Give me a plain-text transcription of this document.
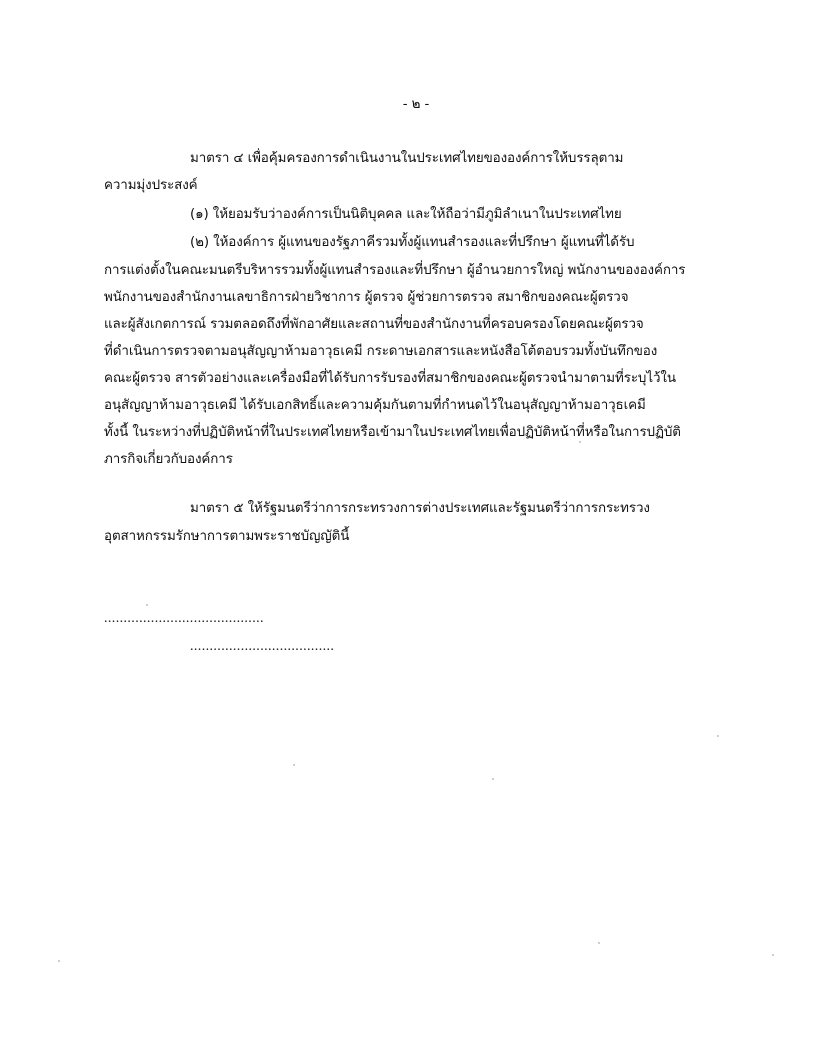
- ๒ -
มาตรา ๔ เพื่อคุ้มครองการดำเนินงานในประเทศไทยขององค์การให้บรรลุตาม
ความมุ่งประสงค์
(๑) ให้ยอมรับว่าองค์การเป็นนิติบุคคล และให้ถือว่ามีภูมิลำเนาในประเทศไทย
(๒) ให้องค์การ ผู้แทนของรัฐภาคีรวมทั้งผู้แทนสำรองและที่ปรึกษา ผู้แทนที่ได้รับ
การแต่งตั้งในคณะมนตรีบริหารรวมทั้งผู้แทนสำรองและที่ปรึกษา ผู้อำนวยการใหญ่ พนักงานขององค์การ
พนักงานของสำนักงานเลขาธิการฝ่ายวิชาการ ผู้ตรวจ ผู้ช่วยการตรวจ สมาชิกของคณะผู้ตรวจ
และผู้สังเกตการณ์ รวมตลอดถึงที่พักอาศัยและสถานที่ของสำนักงานที่ครอบครองโดยคณะผู้ตรวจ
ที่ดำเนินการตรวจตามอนุสัญญาห้ามอาวุธเคมี กระดาษเอกสารและหนังสือโต้ตอบรวมทั้งบันทึกของ
คณะผู้ตรวจ สารตัวอย่างและเครื่องมือที่ได้รับการรับรองที่สมาชิกของคณะผู้ตรวจนำมาตามที่ระบุไว้ใน
อนุสัญญาห้ามอาวุธเคมี ได้รับเอกสิทธิ์และความคุ้มกันตามที่กำหนดไว้ในอนุสัญญาห้ามอาวุธเคมี
ทั้งนี้ ในระหว่างที่ปฏิบัติหน้าที่ในประเทศไทยหรือเข้ามาในประเทศไทยเพื่อปฏิบัติหน้าที่หรือในการปฏิบัติ
ภารกิจเกี่ยวกับองค์การ
มาตรา ๕ ให้รัฐมนตรีว่าการกระทรวงการต่างประเทศและรัฐมนตรีว่าการกระทรวง
อุตสาหกรรมรักษาการตามพระราชบัญญัตินี้
.........................................
.....................................
